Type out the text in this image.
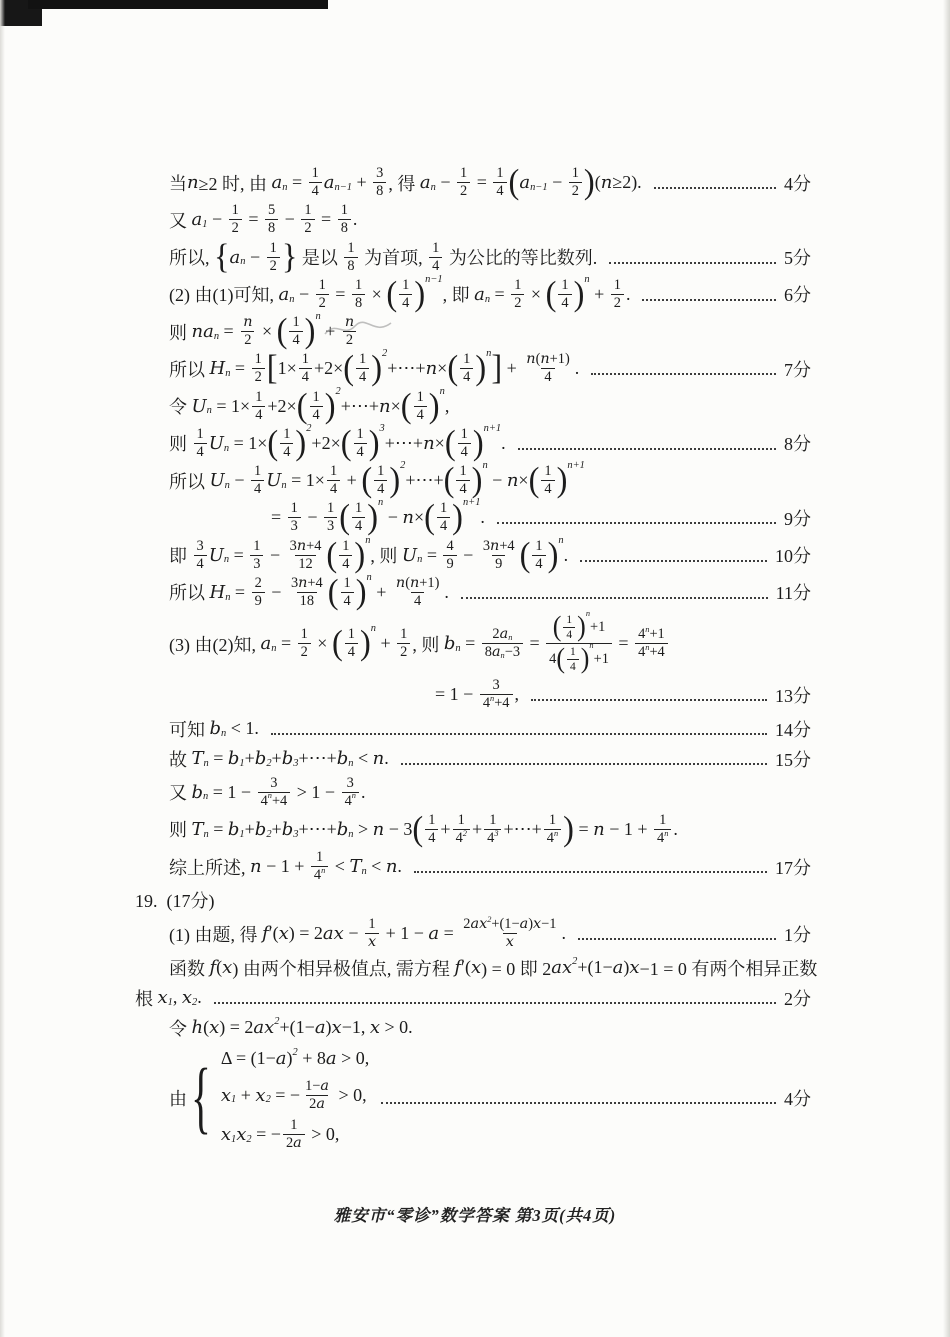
当 n ≥2 时, 由 a $n = \frac{1}{4}$ a $n-1 + \frac{3}{8}$ , 得 a $n - \frac{1}{2} = \frac{1}{4}$ ( a $n-1 - \frac{1}{2}$ ) ( n ≥2).	4分
又 a $1 - \frac{1}{2} = \frac{5}{8} - \frac{1}{2} = \frac{1}{8}$ .
所以, { a $n - \frac{1}{2}$ } 是以 $\frac{1}{8}$ 为首项, $\frac{1}{4}$ 为公比的等比数列.	5分
(2) 由(1)可知, a $n - \frac{1}{2} = \frac{1}{8}$ × ( $\frac{1}{4}$ ) n−1
, 即 a $n = \frac{1}{2}$ × ( $\frac{1}{4}$ ) n
+ $\frac{1}{2}$ .	6分
则 n a $n = \frac{n}{2}$ × ( $\frac{1}{4}$ ) n
+ $\frac{n}{2}$
所以 H $n = \frac{1}{2}$ [ $1\times \frac{1}{4} +2\times$ ( $\frac{1}{4}$ ) 2
+⋯+ n × ( $\frac{1}{4}$ ) n ] + $\frac{n ( n +1)}{4}$ .	7分
令 U $n = 1\times \frac{1}{4} +2\times$ ( $\frac{1}{4}$ ) 2
+⋯+ n × ( $\frac{1}{4}$ ) n
,
则 $\frac{1}{4}$ U n = 1× ( $\frac{1}{4}$ ) 2
+2× ( $\frac{1}{4}$ ) 3
+⋯+ n × ( $\frac{1}{4}$ ) n+1
.	8分
所以 U $n - \frac{1}{4}$ U $n = 1\times \frac{1}{4}$ + ( $\frac{1}{4}$ ) 2
+⋯+ ( $\frac{1}{4}$ ) n
− n × ( $\frac{1}{4}$ ) n+1
= $\frac{1}{3} - \frac{1}{3}$ ( $\frac{1}{4}$ ) n
− n × ( $\frac{1}{4}$ ) n+1
.	9分
即 $\frac{3}{4}$ U $n = \frac{1}{3} - \frac{3 n +4}{12}$ ( $\frac{1}{4}$ ) n
, 则 U $n = \frac{4}{9} - \frac{3 n +4}{9}$ ( $\frac{1}{4}$ ) n
.	10分
所以 H $n = \frac{2}{9} - \frac{3 n +4}{18}$ ( $\frac{1}{4}$ ) n
+ $\frac{n ( n +1)}{4}$ .	11分
(3) 由(2)知, a $n = \frac{1}{2}$ × ( $\frac{1}{4}$ ) n
+ $\frac{1}{2}$ , 则 b $n = \frac{\text{2 a n}}{\text{8 a n −3}}$ = ( $\frac{1}{4}$ ) n
+1
4 ( $\frac{1}{4}$ ) n
$+1 = \frac{4 n +1}{4 n +4}$
= $1 - \frac{3}{4 n +4}$ ,	13分
可知 b n < 1.	14分
故 T n = b 1 + b 2 + b 3 +⋯+ b n < n .	15分
又 b $n = 1 - \frac{3}{4 n +4} > 1 - \frac{3}{4 n}$ .
则 T n = b 1 + b 2 + b 3 +⋯+ b n > n − 3 ( $\frac{1}{4} + \frac{1}{4 2} + \frac{1}{4 3}$ +⋯+ $\frac{1}{4 n}$ ) = $n - 1 + \frac{1}{4 n}$ .
综上所述, $n - 1 + \frac{1}{4 n} < T$ n < n .	17分
19.  (17分)
(1) 由题, 得 f ′( x ) = 2 ax − $\frac{1}{x} + 1 - a = \frac{2 ax 2 +(1- a ) x -1}{x}$ .	1分
函数 f ( x ) 由两个相异极值点, 需方程 f ′( x ) = 0 即 2 ax 2 +(1− a ) x −1 = 0 有两个相异正数
根 x 1 , x 2 .	2分
令 h ( x ) = 2 ax 2 +(1− a ) x −1, x > 0.
由 { Δ = (1− a ) 2 + 8 a > 0,
x 1 + x 2 = − $\frac{1- a}{2 a} > 0$,
x 1 x 2 = − $\frac{1}{2 a} > 0$,
4分
雅安市“零诊”数学答案 第3页(共4页)
